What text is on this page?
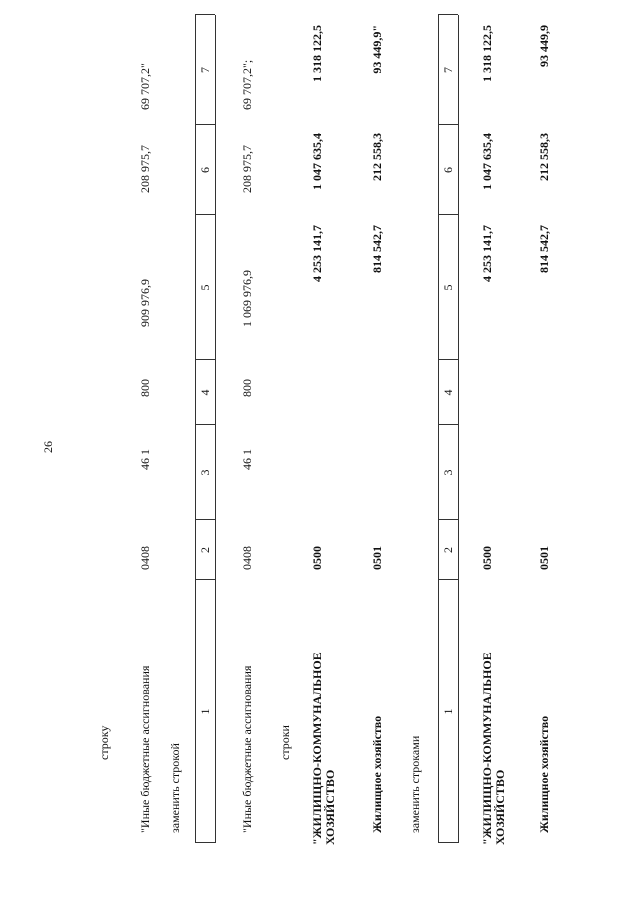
26
строку "Иные бюджетные ассигнования
0408
46 1
800
909 976,9
208 975,7
69 707,2"
заменить строкой
1
2
3
4
5
6
7
"Иные бюджетные ассигнования
0408
46 1
800
1 069 976,9
208 975,7
69 707,2";
строки "ЖИЛИЩНО-КОММУНАЛЬНОЕ ХОЗЯЙСТВО
0500
4 253 141,7
1 047 635,4
1 318 122,5
Жилищное хозяйство
0501
814 542,7
212 558,3
93 449,9"
заменить строками
1
2
3
4
5
6
7
"ЖИЛИЩНО-КОММУНАЛЬНОЕ ХОЗЯЙСТВО
0500
4 253 141,7
1 047 635,4
1 318 122,5
Жилищное хозяйство
0501
814 542,7
212 558,3
93 449,9
